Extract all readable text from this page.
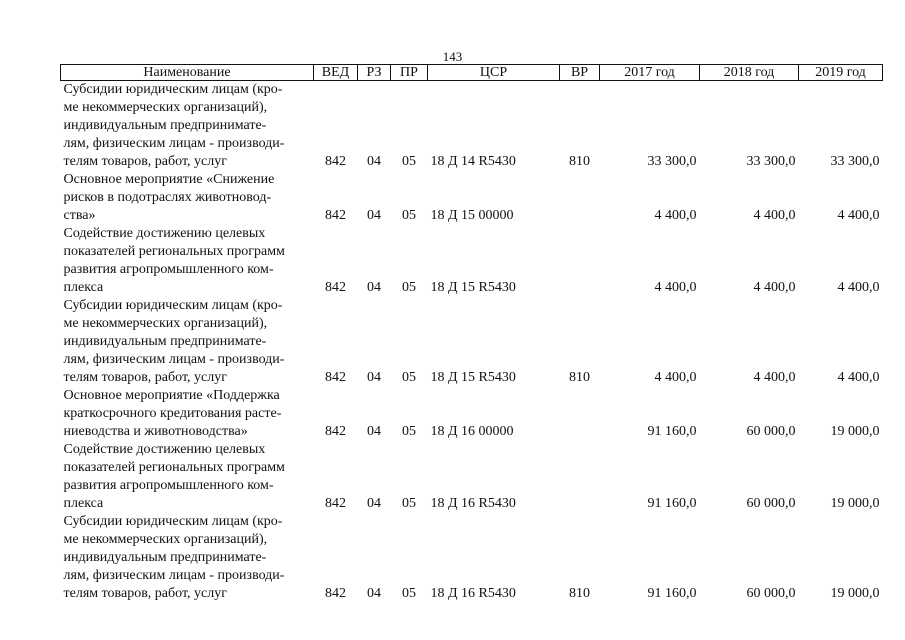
143
Наименование	ВЕД	РЗ	ПР	ЦСР	ВР	2017 год	2018 год	2019 год

Субсидии юридическим лицам (кро-
ме некоммерческих организаций),
индивидуальным предпринимате-
лям, физическим лицам - производи-
телям товаров, работ, услуг	842	04	05	18 Д 14 R5430	810	33 300,0	33 300,0	33 300,0

Основное мероприятие «Снижение
рисков в подотраслях животновод-
ства»	842	04	05	18 Д 15 00000		4 400,0	4 400,0	4 400,0

Содействие достижению целевых
показателей региональных программ
развития агропромышленного ком-
плекса	842	04	05	18 Д 15 R5430		4 400,0	4 400,0	4 400,0

Субсидии юридическим лицам (кро-
ме некоммерческих организаций),
индивидуальным предпринимате-
лям, физическим лицам - производи-
телям товаров, работ, услуг	842	04	05	18 Д 15 R5430	810	4 400,0	4 400,0	4 400,0

Основное мероприятие «Поддержка
краткосрочного кредитования расте-
ниеводства и животноводства»	842	04	05	18 Д 16 00000		91 160,0	60 000,0	19 000,0

Содействие достижению целевых
показателей региональных программ
развития агропромышленного ком-
плекса	842	04	05	18 Д 16 R5430		91 160,0	60 000,0	19 000,0

Субсидии юридическим лицам (кро-
ме некоммерческих организаций),
индивидуальным предпринимате-
лям, физическим лицам - производи-
телям товаров, работ, услуг	842	04	05	18 Д 16 R5430	810	91 160,0	60 000,0	19 000,0
